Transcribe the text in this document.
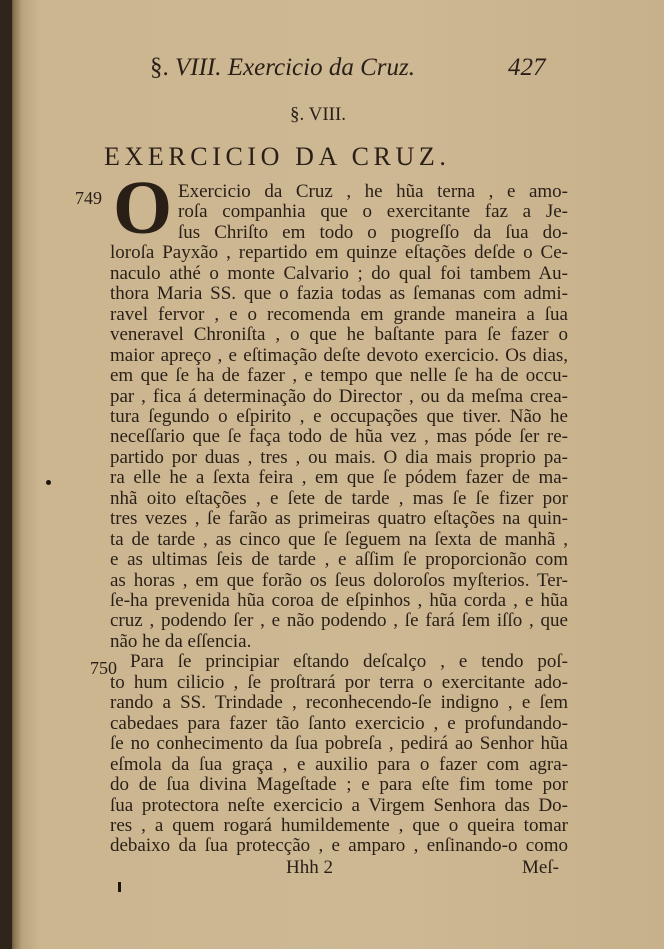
§. VIII. Exercicio da Cruz.	427
§. VIII.
EXERCICIO DA CRUZ.
749 O
750
Exercicio da Cruz , he hũa terna , e amo-
roſa companhia que o exercitante faz a Je-
ſus Chriſto em todo o pιogreſſo da ſua do-
loroſa Payxão , repartido em quinze eſtações deſde o Ce-
naculo athé o monte Calvario ; do qual foi tambem Au-
thora Maria SS. que o fazia todas as ſemanas com admi-
ravel fervor , e o recomenda em grande maneira a ſua
veneravel Chroniſta , o que he baſtante para ſe fazer o
maior apreço , e eſtimação deſte devoto exercicio. Os dias,
em que ſe ha de fazer , e tempo que nelle ſe ha de occu-
par , fica á determinação do Director , ou da meſma crea-
tura ſegundo o eſpirito , e occupações que tiver. Não he
neceſſario que ſe faça todo de hũa vez , mas póde ſer re-
partido por duas , tres , ou mais. O dia mais proprio pa-
ra elle he a ſexta feira , em que ſe pódem fazer de ma-
nhã oito eſtações , e ſete de tarde , mas ſe ſe fizer por
tres vezes , ſe farão as primeiras quatro eſtações na quin-
ta de tarde , as cinco que ſe ſeguem na ſexta de manhã ,
e as ultimas ſeis de tarde , e aſſim ſe proporcionão com
as horas , em que forão os ſeus doloroſos myſterios. Ter-
ſe-ha prevenida hũa coroa de eſpinhos , hũa corda , e hũa
cruz , podendo ſer , e não podendo , ſe fará ſem iſſo , que
não he da eſſencia.
Para ſe principiar eſtando deſcalço , e tendo poſ-
to hum cilicio , ſe proſtrará por terra o exercitante ado-
rando a SS. Trindade , reconhecendo-ſe indigno , e ſem
cabedaes para fazer tão ſanto exercicio , e profundando-
ſe no conhecimento da ſua pobreſa , pedirá ao Senhor hũa
eſmola da ſua graça , e auxilio para o fazer com agra-
do de ſua divina Mageſtade ; e para eſte fim tome por
ſua protectora neſte exercicio a Virgem Senhora das Do-
res , a quem rogará humildemente , que o queira tomar
debaixo da ſua protecção , e amparo , enſinando-o como
Hhh 2	Meſ-
